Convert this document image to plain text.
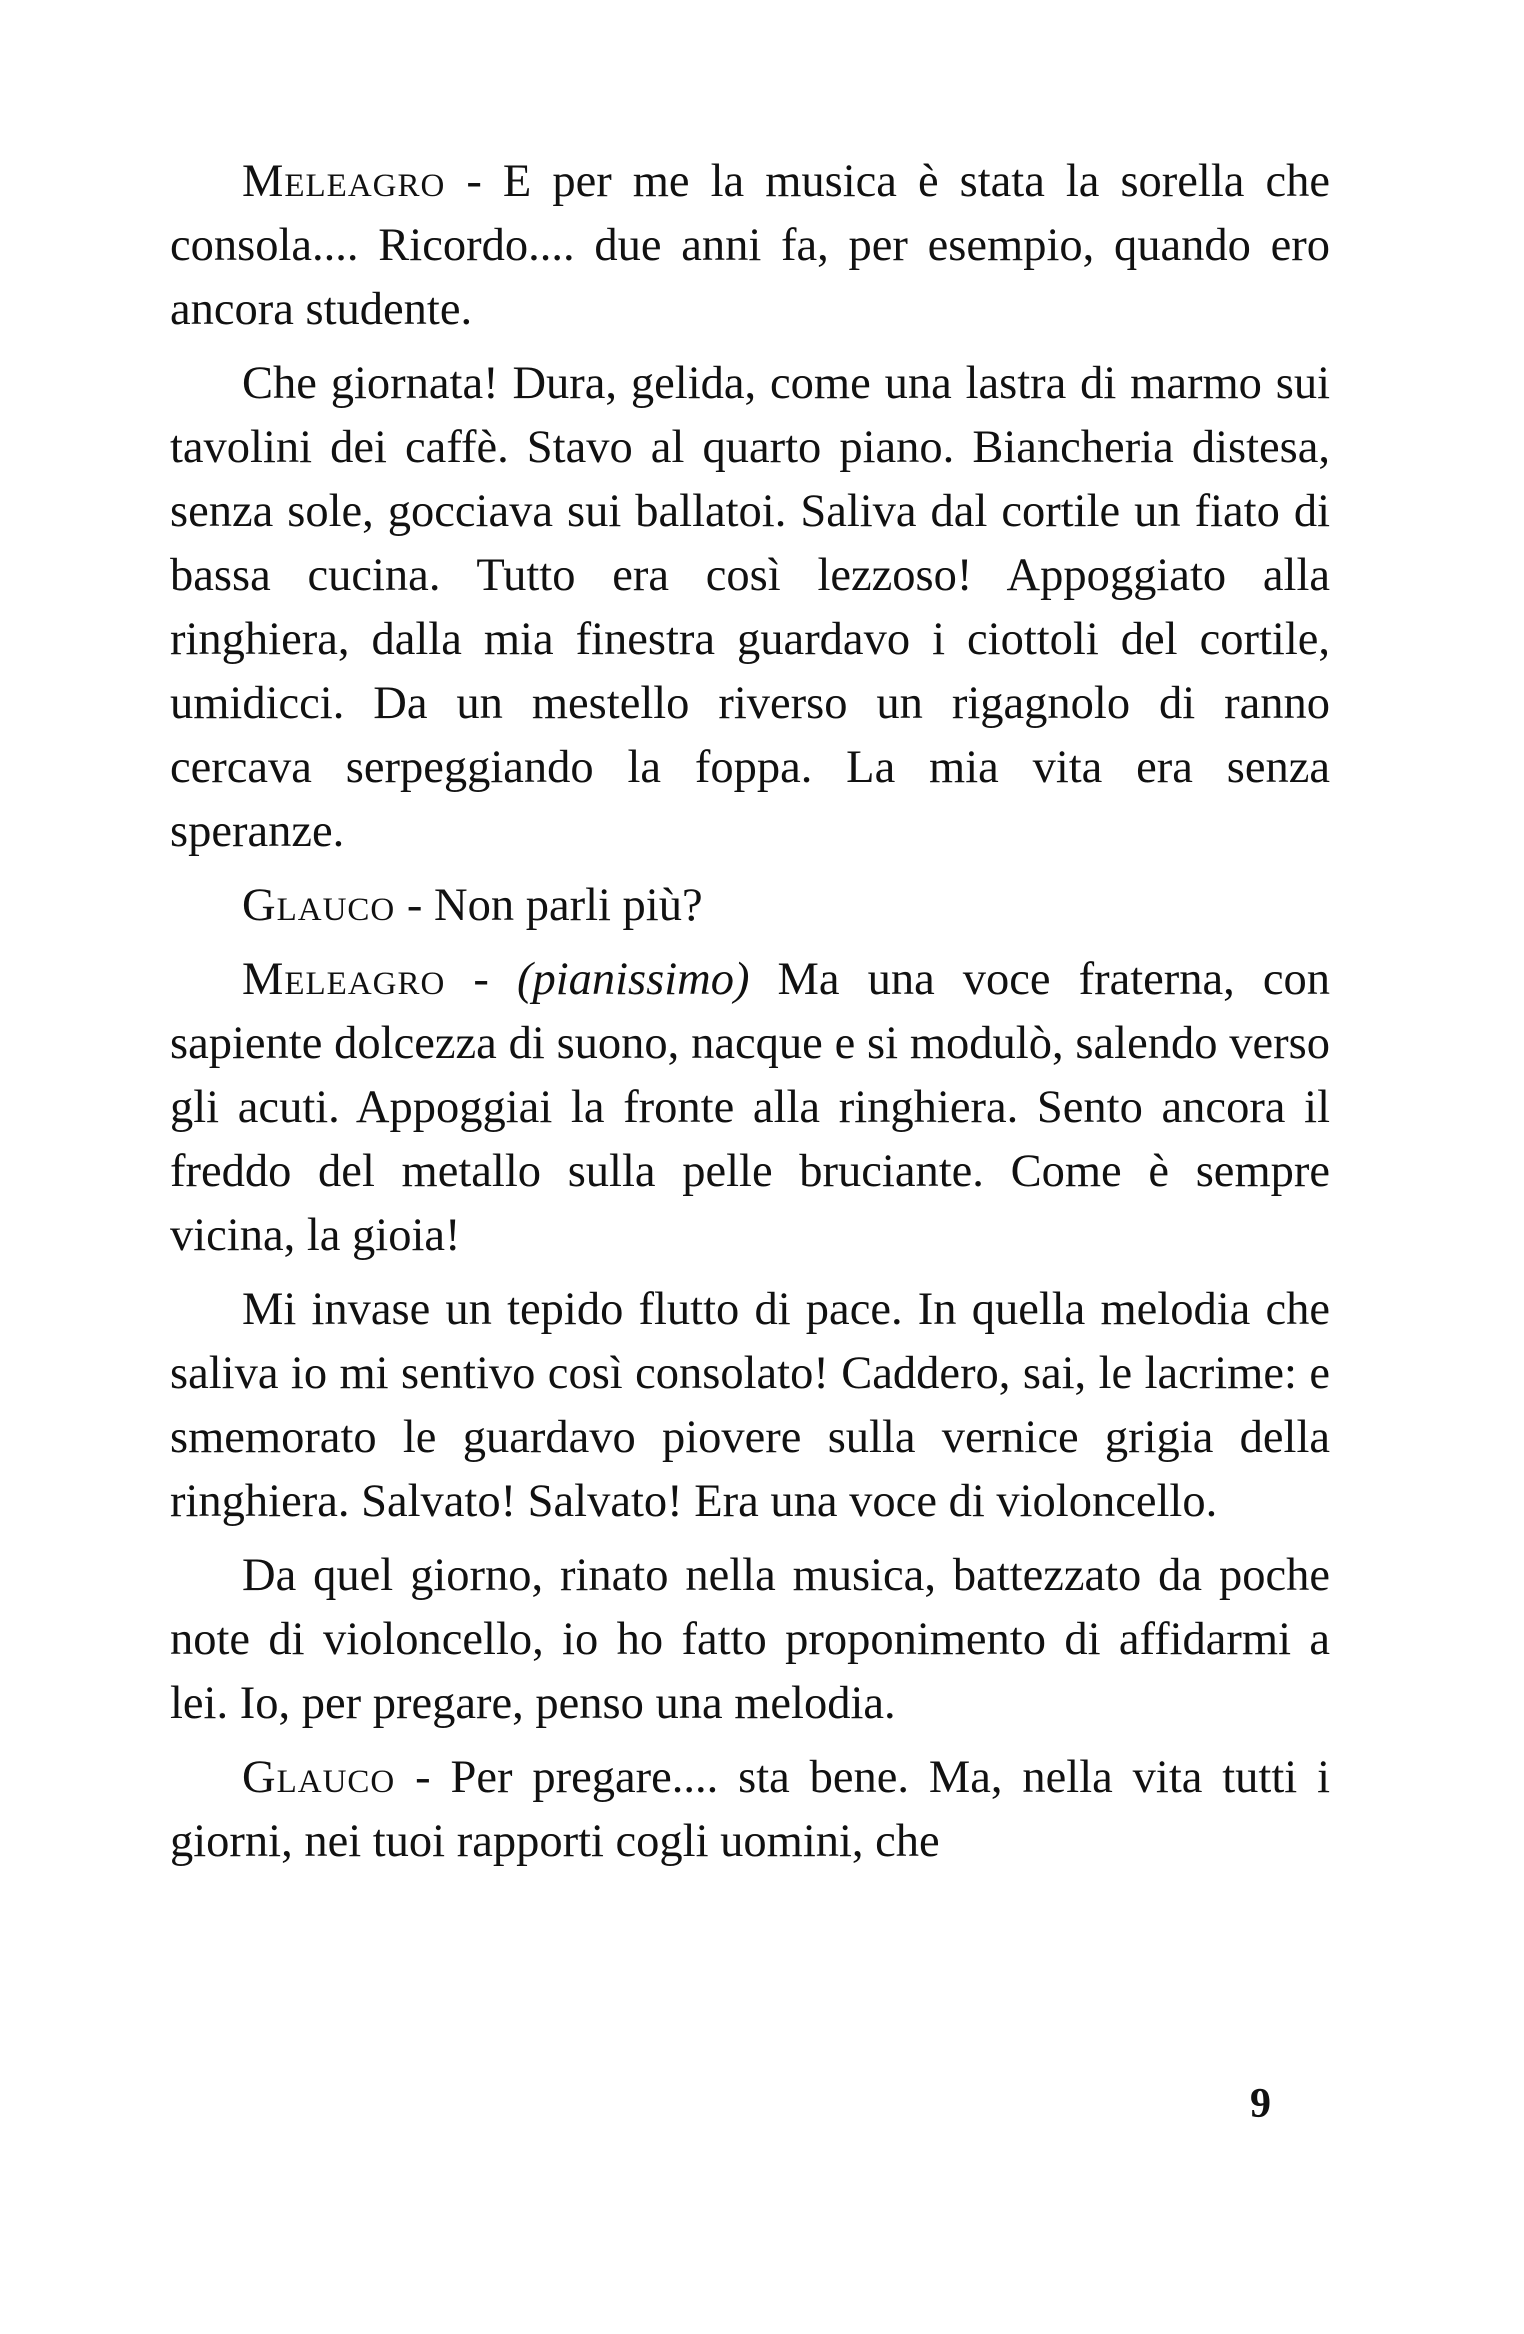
Meleagro - E per me la musica è stata la sorella che consola.... Ricordo.... due anni fa, per esempio, quando ero ancora studente.

Che giornata! Dura, gelida, come una lastra di marmo sui tavolini dei caffè. Stavo al quarto piano. Biancheria distesa, senza sole, gocciava sui ballatoi. Saliva dal cortile un fiato di bassa cucina. Tutto era così lezzoso! Appoggiato alla ringhiera, dalla mia finestra guardavo i ciottoli del cortile, umidicci. Da un mestello riverso un rigagnolo di ranno cercava serpeggiando la foppa. La mia vita era senza speranze.

Glauco - Non parli più?

Meleagro - (pianissimo) Ma una voce fraterna, con sapiente dolcezza di suono, nacque e si modulò, salendo verso gli acuti. Appoggiai la fronte alla ringhiera. Sento ancora il freddo del metallo sulla pelle bruciante. Come è sempre vicina, la gioia!

Mi invase un tepido flutto di pace. In quella melodia che saliva io mi sentivo così consolato! Caddero, sai, le lacrime: e smemorato le guardavo piovere sulla vernice grigia della ringhiera. Salvato! Salvato! Era una voce di violoncello.

Da quel giorno, rinato nella musica, battezzato da poche note di violoncello, io ho fatto proponimento di affidarmi a lei. Io, per pregare, penso una melodia.

Glauco - Per pregare.... sta bene. Ma, nella vita tutti i giorni, nei tuoi rapporti cogli uomini, che

9
